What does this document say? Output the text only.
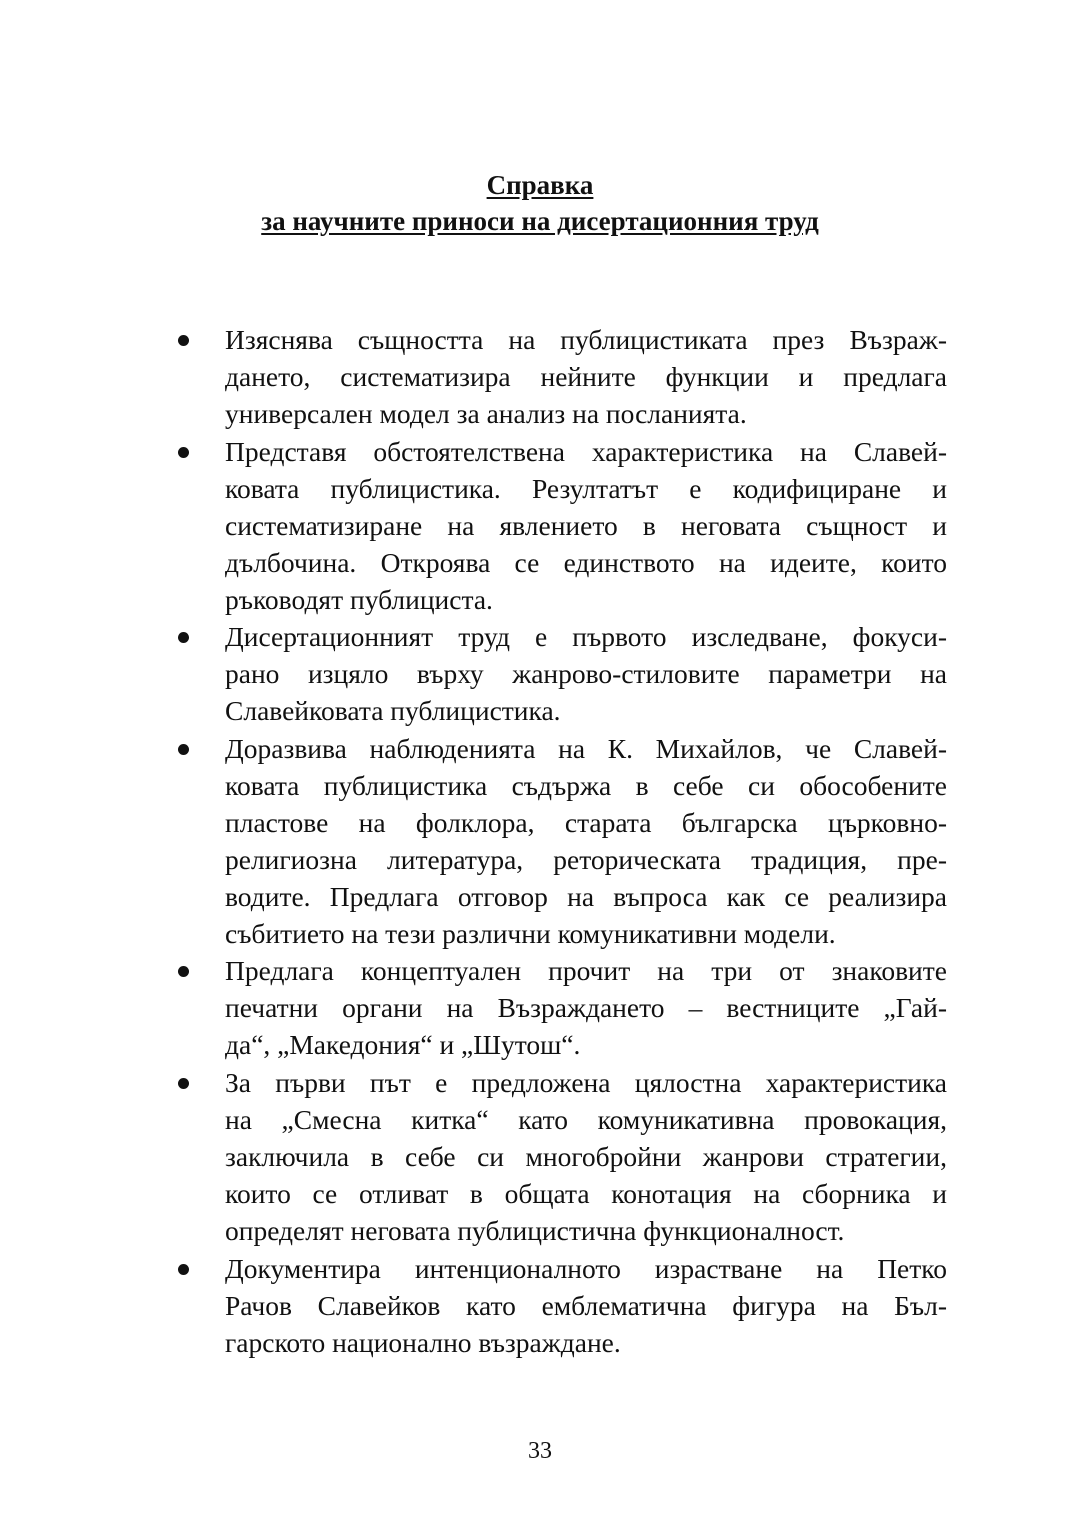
Справка
за научните приноси на дисертационния труд
Изяснява същността на публицистиката през Възраж-
дането, систематизира нейните функции и предлага
универсален модел за анализ на посланията.
Представя обстоятелствена характеристика на Славей-
ковата публицистика. Резултатът е кодифициране и
систематизиране на явлението в неговата същност и
дълбочина. Откроява се единството на идеите, които
ръководят публициста.
Дисертационният труд е първото изследване, фокуси-
рано изцяло върху жанрово-стиловите параметри на
Славейковата публицистика.
Доразвива наблюденията на К. Михайлов, че Славей-
ковата публицистика съдържа в себе си обособените
пластове на фолклора, старата българска църковно-
религиозна литература, реторическата традиция, пре-
водите. Предлага отговор на въпроса как се реализира
събитието на тези различни комуникативни модели.
Предлага концептуален прочит на три от знаковите
печатни органи на Възраждането – вестниците „Гай-
да“, „Македония“ и „Шутош“.
За първи път е предложена цялостна характеристика
на „Смесна китка“ като комуникативна провокация,
заключила в себе си многобройни жанрови стратегии,
които се отливат в общата конотация на сборника и
определят неговата публицистична функционалност.
Документира интенционалното израстване на Петко
Рачов Славейков като емблематична фигура на Бъл-
гарското национално възраждане.
33
